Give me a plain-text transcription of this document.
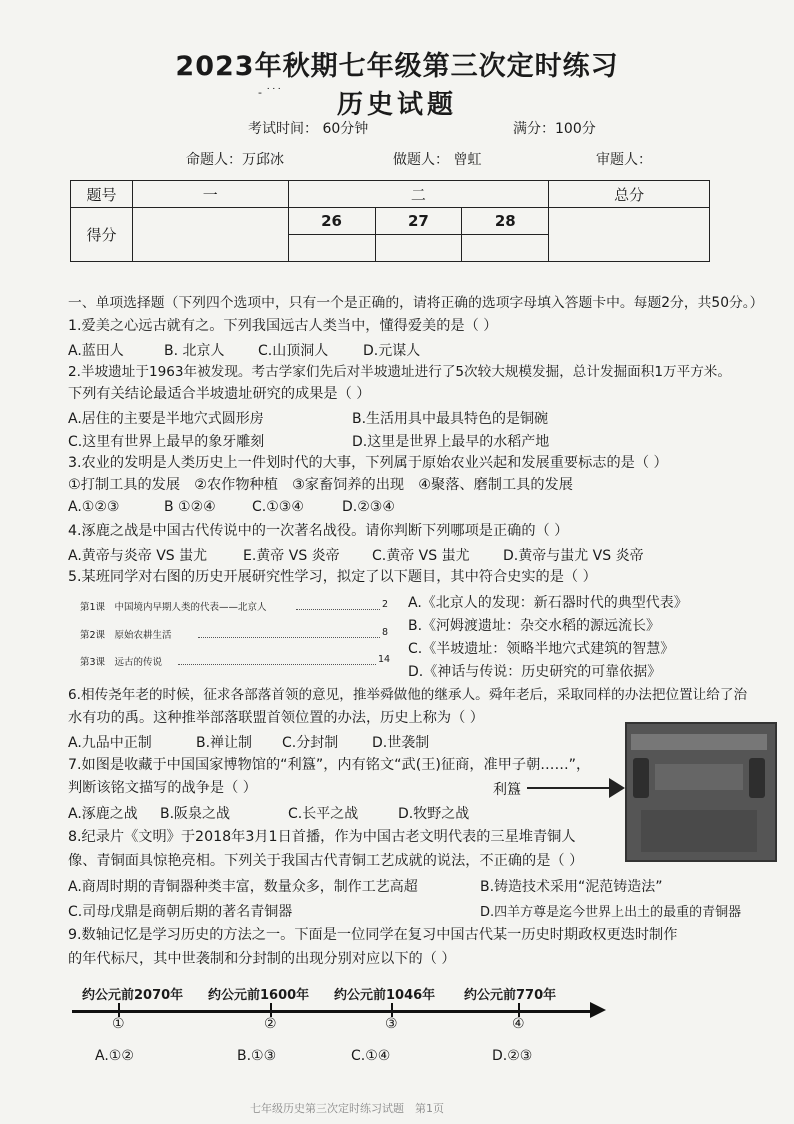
2023年秋期七年级第三次定时练习
- ˙˙˙	历史试题
考试时间： 60分钟	满分：100分
命题人：万邱冰	做题人： 曾虹	审题人：
题号	一	二			总分
得分		26	27	28	

一、单项选择题（下列四个选项中，只有一个是正确的，请将正确的选项字母填入答题卡中。每题2分，共50分。）
1.爱美之心远古就有之。下列我国远古人类当中，懂得爱美的是（ ）
A.蓝田人	B. 北京人 C.山顶洞人 D.元谋人
2.半坡遗址于1963年被发现。考古学家们先后对半坡遗址进行了5次较大规模发掘，总计发掘面积1万平方米。
下列有关结论最适合半坡遗址研究的成果是（ ）
A.居住的主要是半地穴式圆形房	B.生活用具中最具特色的是铜碗
C.这里有世界上最早的象牙雕刻	D.这里是世界上最早的水稻产地
3.农业的发明是人类历史上一件划时代的大事，下列属于原始农业兴起和发展重要标志的是（ ）
①打制工具的发展　②农作物种植　③家畜饲养的出现　④聚落、磨制工具的发展
A.①②③	B ①②④	C.①③④	D.②③④
4.涿鹿之战是中国古代传说中的一次著名战役。请你判断下列哪项是正确的（ ）
A.黄帝与炎帝 VS 蚩尤	E.黄帝 VS 炎帝 C.黄帝 VS 蚩尤 D.黄帝与蚩尤 VS 炎帝
5.某班同学对右图的历史开展研究性学习，拟定了以下题目，其中符合史实的是（ ）
第1课　中国境内早期人类的代表——北京人	2
第2课　原始农耕生活	8
第3课　远古的传说	14
A.《北京人的发现：新石器时代的典型代表》
B.《河姆渡遗址：杂交水稻的源远流长》
C.《半坡遗址：领略半地穴式建筑的智慧》
D.《神话与传说：历史研究的可靠依据》
6.相传尧年老的时候，征求各部落首领的意见，推举舜做他的继承人。舜年老后，采取同样的办法把位置让给了治
水有功的禹。这种推举部落联盟首领位置的办法，历史上称为（ ）
A.九品中正制	B.禅让制 C.分封制 D.世袭制
7.如图是收藏于中国国家博物馆的“利簋”，内有铭文“武(王)征商，准甲子朝……”，
判断该铭文描写的战争是（ ）	利簋
A.涿鹿之战 B.阪泉之战	C.长平之战	D.牧野之战
8.纪录片《文明》于2018年3月1日首播，作为中国古老文明代表的三星堆青铜人
像、青铜面具惊艳亮相。下列关于我国古代青铜工艺成就的说法，不正确的是（ ）
A.商周时期的青铜器种类丰富，数量众多，制作工艺高超	B.铸造技术采用“泥范铸造法”
C.司母戊鼎是商朝后期的著名青铜器	D.四羊方尊是迄今世界上出土的最重的青铜器
9.数轴记忆是学习历史的方法之一。下面是一位同学在复习中国古代某一历史时期政权更迭时制作
的年代标尺，其中世袭制和分封制的出现分别对应以下的（ ）
约公元前2070年 约公元前1600年 约公元前1046年 约公元前770年
①	②	③	④
A.①②	B.①③	C.①④	D.②③
七年级历史第三次定时练习试题　第1页
